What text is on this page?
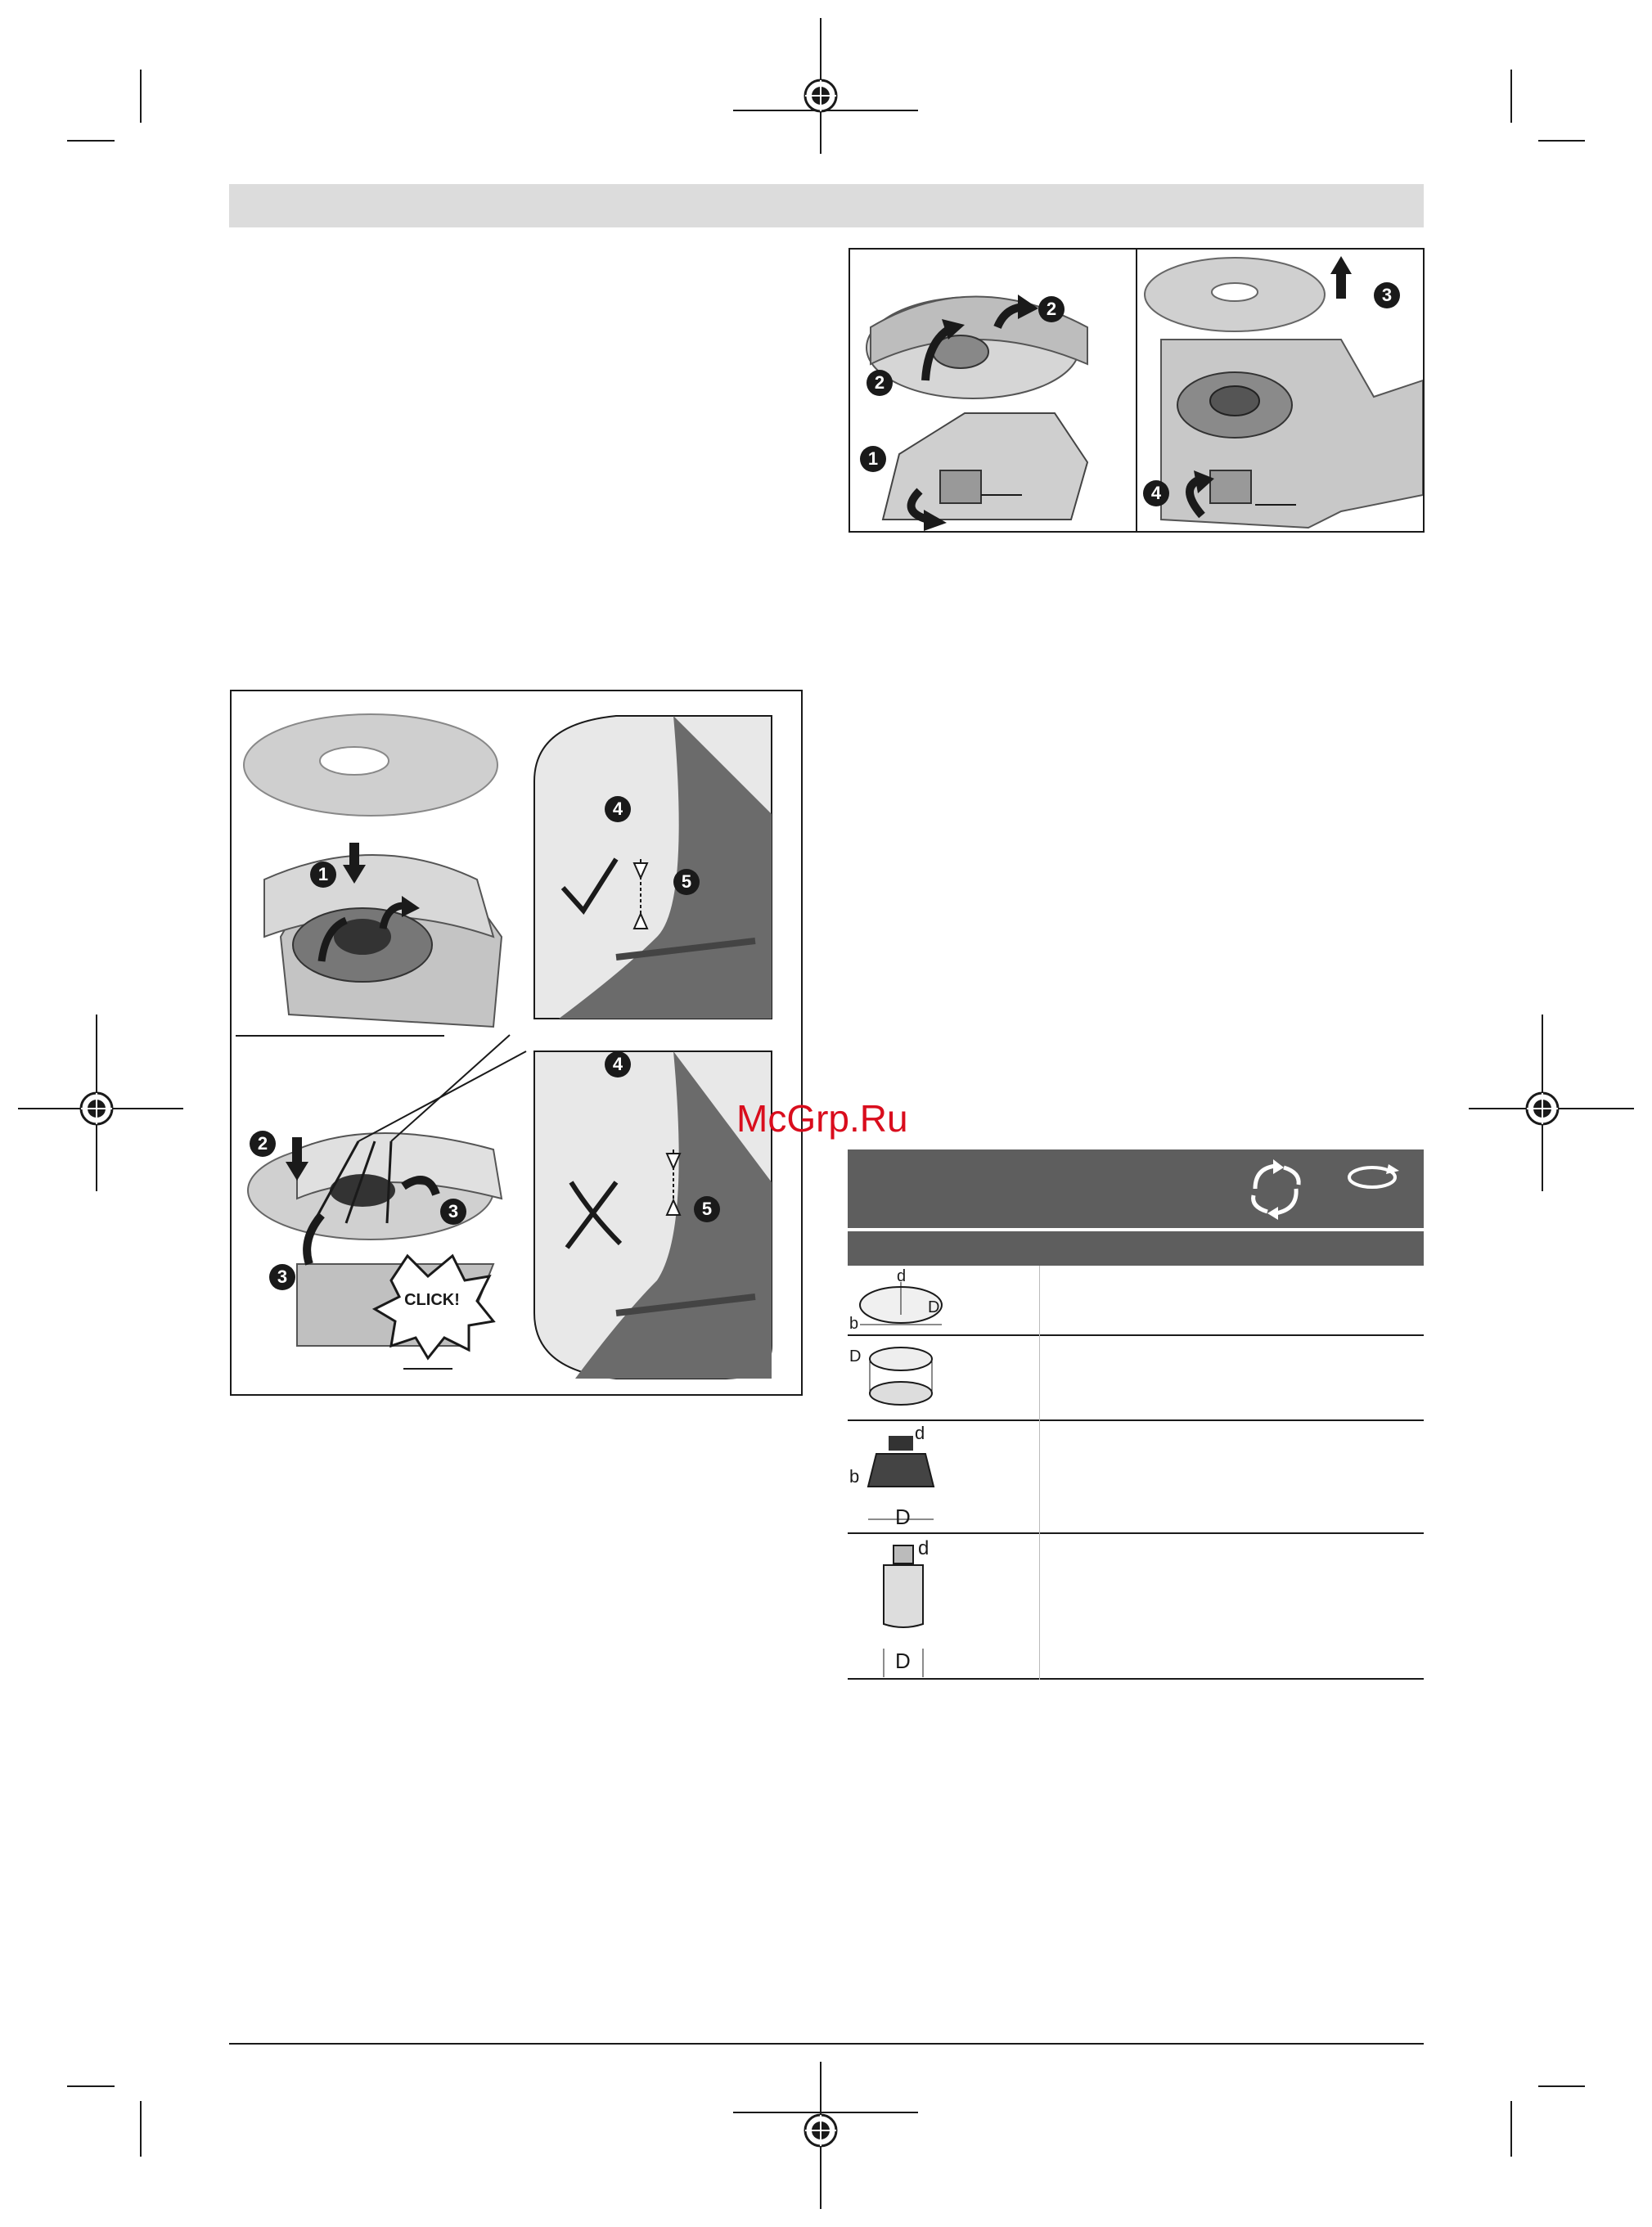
4
3
2
2
1
1
4
5
4
5
2
3
3
CLICK!
McGrp.Ru
d
D
b
D
d
b
D
d
D
